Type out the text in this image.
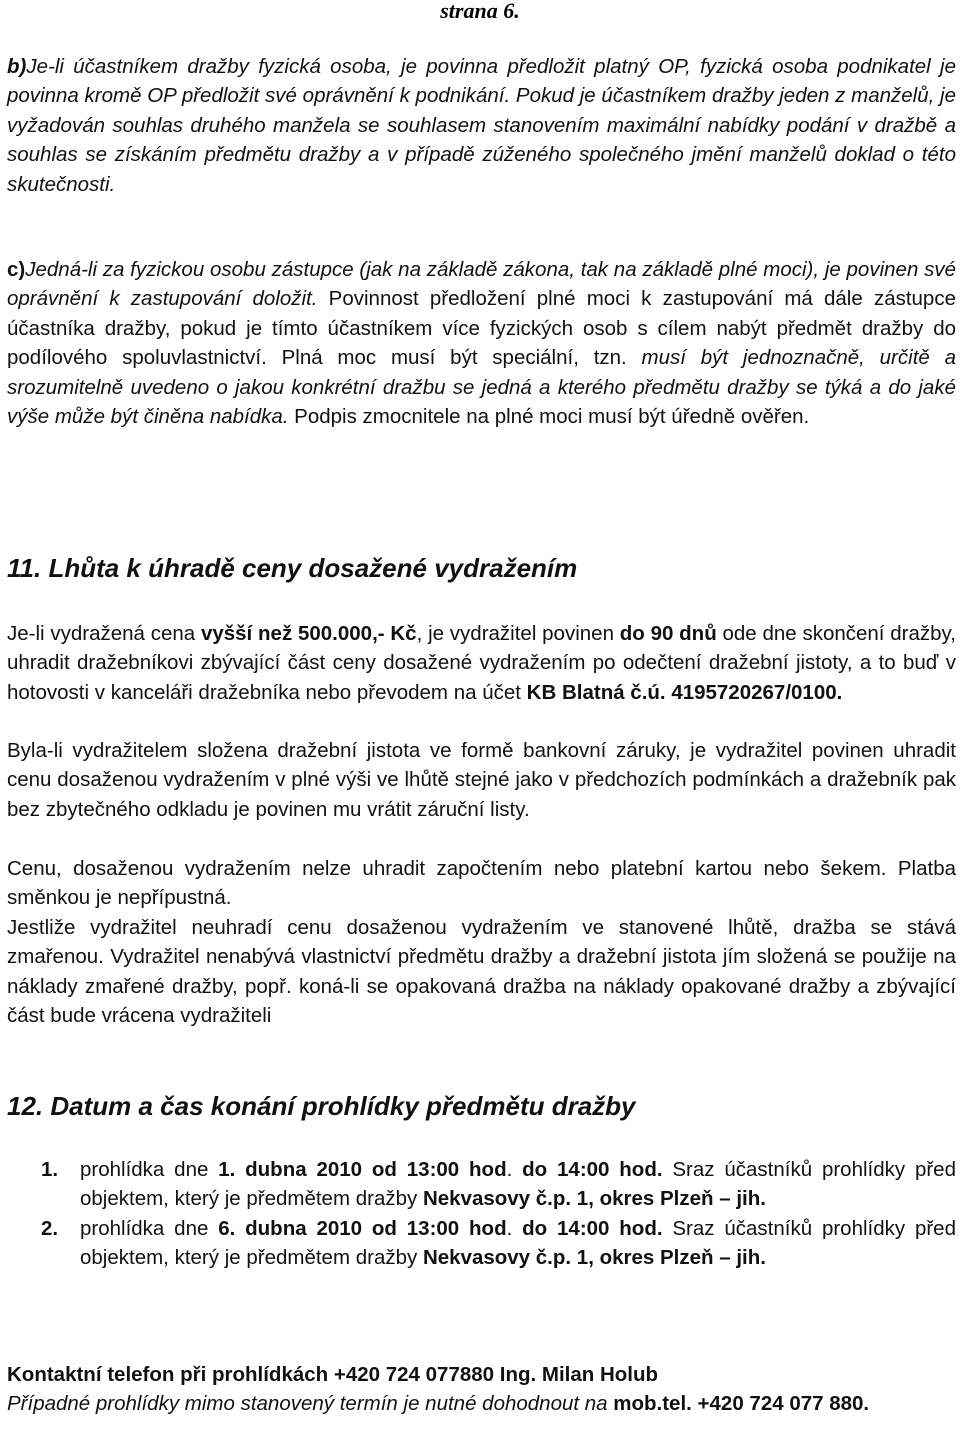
strana 6.

b)Je-li účastníkem dražby fyzická osoba, je povinna předložit platný OP, fyzická osoba podnikatel je povinna kromě OP předložit své oprávnění k podnikání. Pokud je účastníkem dražby jeden z manželů, je vyžadován souhlas druhého manžela se souhlasem stanovením maximální nabídky podání v dražbě a souhlas se získáním předmětu dražby a v případě zúženého společného jmění manželů doklad o této skutečnosti.

c)Jedná-li za fyzickou osobu zástupce (jak na základě zákona, tak na základě plné moci), je povinen své oprávnění k zastupování doložit. Povinnost předložení plné moci k zastupování má dále zástupce účastníka dražby, pokud je tímto účastníkem více fyzických osob s cílem nabýt předmět dražby do podílového spoluvlastnictví. Plná moc musí být speciální, tzn. musí být jednoznačně, určitě a srozumitelně uvedeno o jakou konkrétní dražbu se jedná a kterého předmětu dražby se týká a do jaké výše může být činěna nabídka. Podpis zmocnitele na plné moci musí být úředně ověřen.

11. Lhůta k úhradě ceny dosažené vydražením

Je-li vydražená cena vyšší než 500.000,- Kč, je vydražitel povinen do 90 dnů ode dne skončení dražby, uhradit dražebníkovi zbývající část ceny dosažené vydražením po odečtení dražební jistoty, a to buď v hotovosti v kanceláři dražebníka nebo převodem na účet KB Blatná č.ú. 4195720267/0100.

Byla-li vydražitelem složena dražební jistota ve formě bankovní záruky, je vydražitel povinen uhradit cenu dosaženou vydražením v plné výši ve lhůtě stejné jako v předchozích podmínkách a dražebník pak bez zbytečného odkladu je povinen mu vrátit záruční listy.

Cenu, dosaženou vydražením nelze uhradit započtením nebo platební kartou nebo šekem. Platba směnkou je nepřípustná.

Jestliže vydražitel neuhradí cenu dosaženou vydražením ve stanovené lhůtě, dražba se stává zmařenou. Vydražitel nenabývá vlastnictví předmětu dražby a dražební jistota jím složená se použije na náklady zmařené dražby, popř. koná-li se opakovaná dražba na náklady opakované dražby a zbývající část bude vrácena vydražiteli

12. Datum a čas konání prohlídky předmětu dražby
1. prohlídka dne 1. dubna 2010 od 13:00 hod. do 14:00 hod. Sraz účastníků prohlídky před objektem, který je předmětem dražby Nekvasovy č.p. 1, okres Plzeň – jih.
2. prohlídka dne 6. dubna 2010 od 13:00 hod. do 14:00 hod. Sraz účastníků prohlídky před objektem, který je předmětem dražby Nekvasovy č.p. 1, okres Plzeň – jih.

Kontaktní telefon při prohlídkách +420 724 077880 Ing. Milan Holub
Případné prohlídky mimo stanovený termín je nutné dohodnout na mob.tel. +420 724 077 880.
